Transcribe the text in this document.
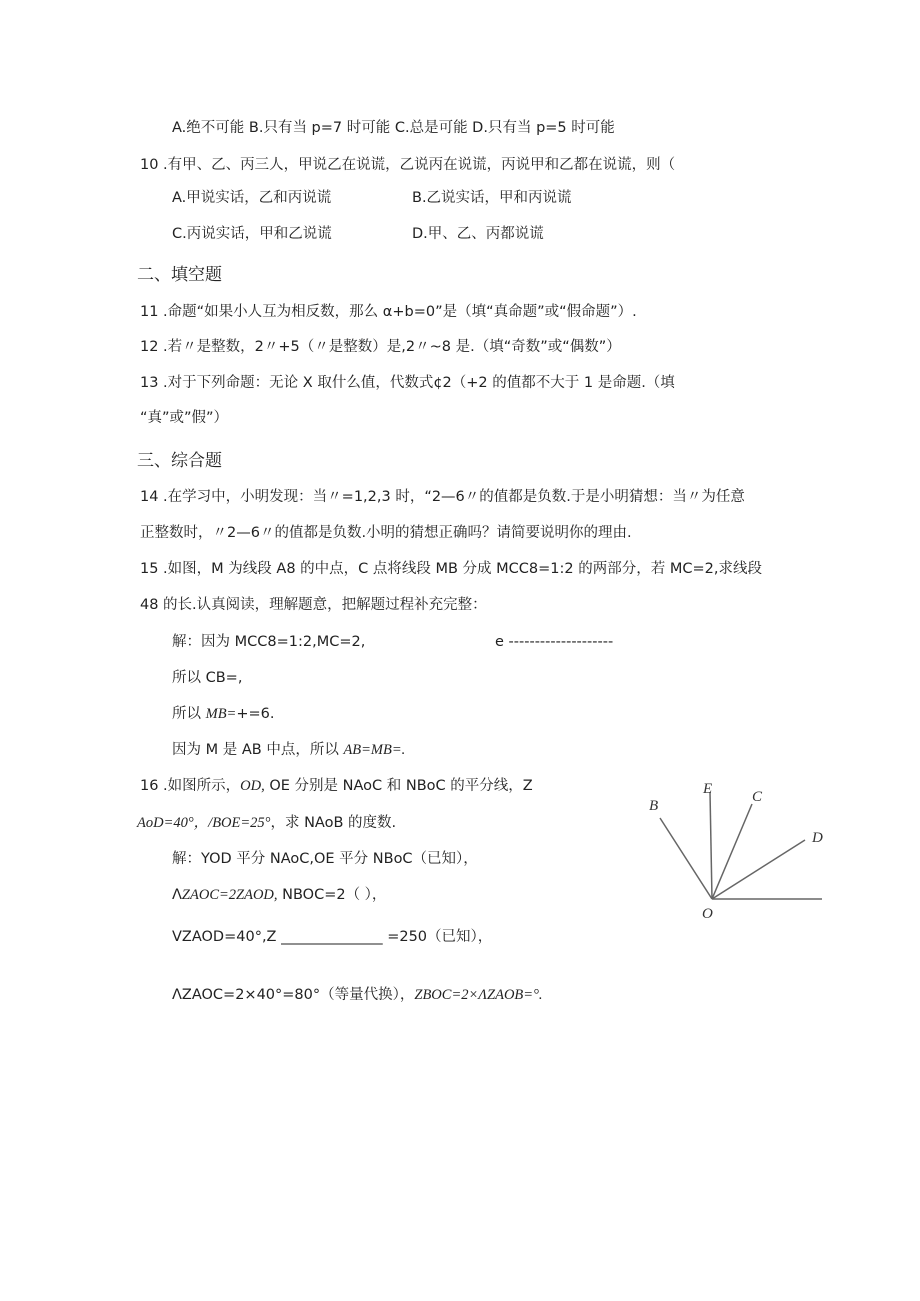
A.绝不可能 B.只有当 p=7 时可能 C.总是可能 D.只有当 p=5 时可能
10 .有甲、乙、丙三人，甲说乙在说谎，乙说丙在说谎，丙说甲和乙都在说谎，则（
A.甲说实话，乙和丙说谎	B.乙说实话，甲和丙说谎
C.丙说实话，甲和乙说谎	D.甲、乙、丙都说谎
二、填空题
11 .命题“如果小人互为相反数，那么 α+b=0”是（填“真命题”或“假命题”）.
12 .若〃是整数，2〃+5（〃是整数）是,2〃~8 是.（填“奇数”或“偶数”）
13 .对于下列命题：无论 X 取什么值，代数式¢2（+2 的值都不大于 1 是命题.（填
“真”或”假”）
三、综合题
14 .在学习中，小明发现：当〃=1,2,3 时，“2—6〃的值都是负数.于是小明猜想：当〃为任意
正整数时，〃2—6〃的值都是负数.小明的猜想正确吗？请简要说明你的理由.
15 .如图，M 为线段 A8 的中点，C 点将线段 MB 分成 MCC8=1:2 的两部分，若 MC=2,求线段
48 的长.认真阅读，理解题意，把解题过程补充完整：
解：因为 MCC8=1:2,MC=2,	e --------------------
所以 CB=,
所以 MB=+=6.
因为 M 是 AB 中点，所以 AB=MB=.
16 .如图所示，OD, OE 分别是 NAoC 和 NBoC 的平分线，Z
AoD=40°，/BOE=25°，求 NAoB 的度数.
解：YOD 平分 NAoC,OE 平分 NBoC（已知），
ΛZAOC=2ZAOD, NBOC=2（ ），
VZAOD=40°,Z ______________ =250（已知），
ΛZAOC=2×40°=80°（等量代换），ZBOC=2×ΛZAOB=°.
B
E	C
D
O
